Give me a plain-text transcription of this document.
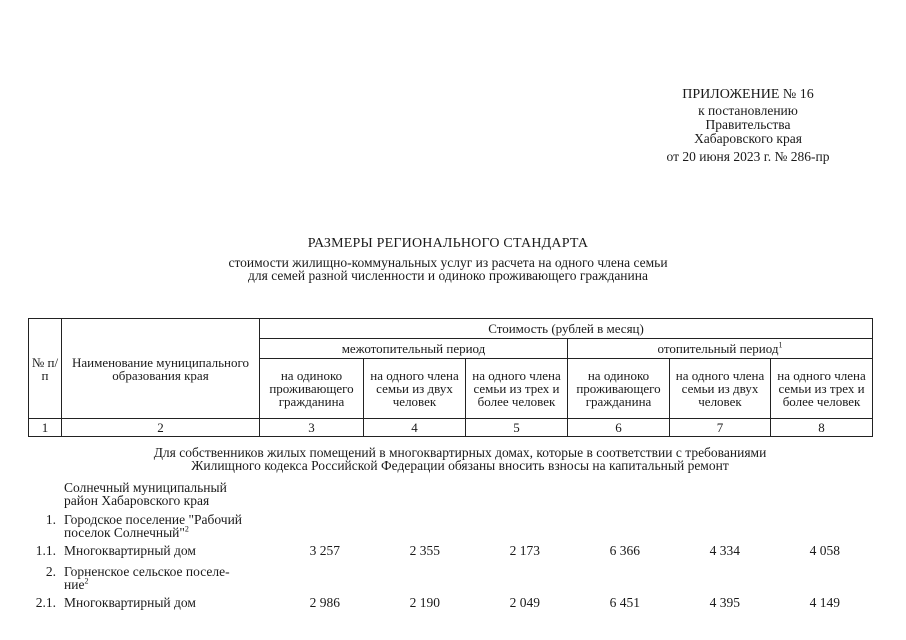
ПРИЛОЖЕНИЕ № 16
к постановлению
Правительства
Хабаровского края
от 20 июня 2023 г. № 286-пр
РАЗМЕРЫ РЕГИОНАЛЬНОГО СТАНДАРТА
стоимости жилищно-коммунальных услуг из расчета на одного члена семьи
для семей разной численности и одиноко проживающего гражданина
№ п/п	Наименование муниципального образования края	Стоимость (рублей в месяц)					
		межотопительный период			отопительный период$^1$
		на одиноко проживающего гражданина	на одного члена семьи из двух человек	на одного члена семьи из трех и более человек	на одиноко проживающего гражданина	на одного члена семьи из двух человек	на одного члена семьи из трех и более человек
1	2	3	4	5	6	7	8
Для собственников жилых помещений в многоквартирных домах, которые в соответствии с требованиями
Жилищного кодекса Российской Федерации обязаны вносить взносы на капитальный ремонт
Солнечный муниципальный район Хабаровского края
1. Городское поселение "Рабочий поселок Солнечный"$^2$
1.1. Многоквартирный дом	3 257	2 355	2 173	6 366	4 334	4 058
2. Горненское сельское поселе-ние$^2$
2.1. Многоквартирный дом	2 986	2 190	2 049	6 451	4 395	4 149
